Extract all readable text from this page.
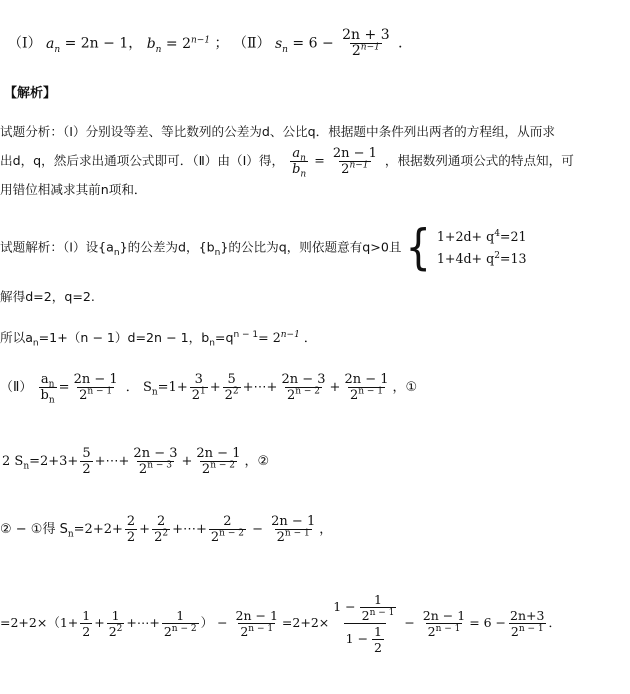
（Ⅰ） $a_n = 2n - 1$， $b_n = 2^{n-1}$ ； （Ⅱ） $s_n = 6 - \frac{2n + 3}{2^{n-1}}$ ．
【解析】
试题分析：（Ⅰ）分别设等差、等比数列的公差为d、公比q．根据题中条件列出两者的方程组，从而求
出d，q，然后求出通项公式即可．（Ⅱ）由（Ⅰ）得， $\frac{a_n}{b_n} = \frac{2n - 1}{2^{n-1}}$ ，根据数列通项公式的特点知，可
用错位相减求其前n项和．
试题解析：（Ⅰ）设$\{a_n\}$的公差为d，$\{b_n\}$的公比为q，则依题意有q>0且 { $1+2d+ q^4=21$
$1+4d+ q^2=13$
解得d=2，q=2.
所以$a_n=1+(n - 1)d=2n - 1$，$b_n=q^{n - 1}= 2^{n-1}$ ．
（Ⅱ） $\frac{a_n}{b_n} = \frac{2n - 1}{2^{n - 1}}$ ． $S_n=1+ \frac{3}{2^1} + \frac{5}{2^2}$ +⋯+ $\frac{2n - 3}{2^{n - 2}} + \frac{2n - 1}{2^{n - 1}}$ ，①
2 $S_n=2+3+ \frac{5}{2}$ +⋯+ $\frac{2n - 3}{2^{n - 3}} + \frac{2n - 1}{2^{n - 2}}$ ，②
② − ①得 $S_n=2+2+ \frac{2}{2} + \frac{2}{2^2}$ +⋯+ $\frac{2}{2^{n - 2}} - \frac{2n - 1}{2^{n - 1}}$ ，
$=2+2\times(1+ \frac{1}{2} + \frac{1}{2^2}$ +⋯+ $\frac{1}{2^{n - 2}}$ ） − $\frac{2n - 1}{2^{n - 1}} =2+2\times \frac{1 - \frac{1}{2^{n - 1}}}{1 - \frac{1}{2}} - \frac{2n - 1}{2^{n - 1}} = 6 - \frac{2n+3}{2^{n - 1}}$ ．
